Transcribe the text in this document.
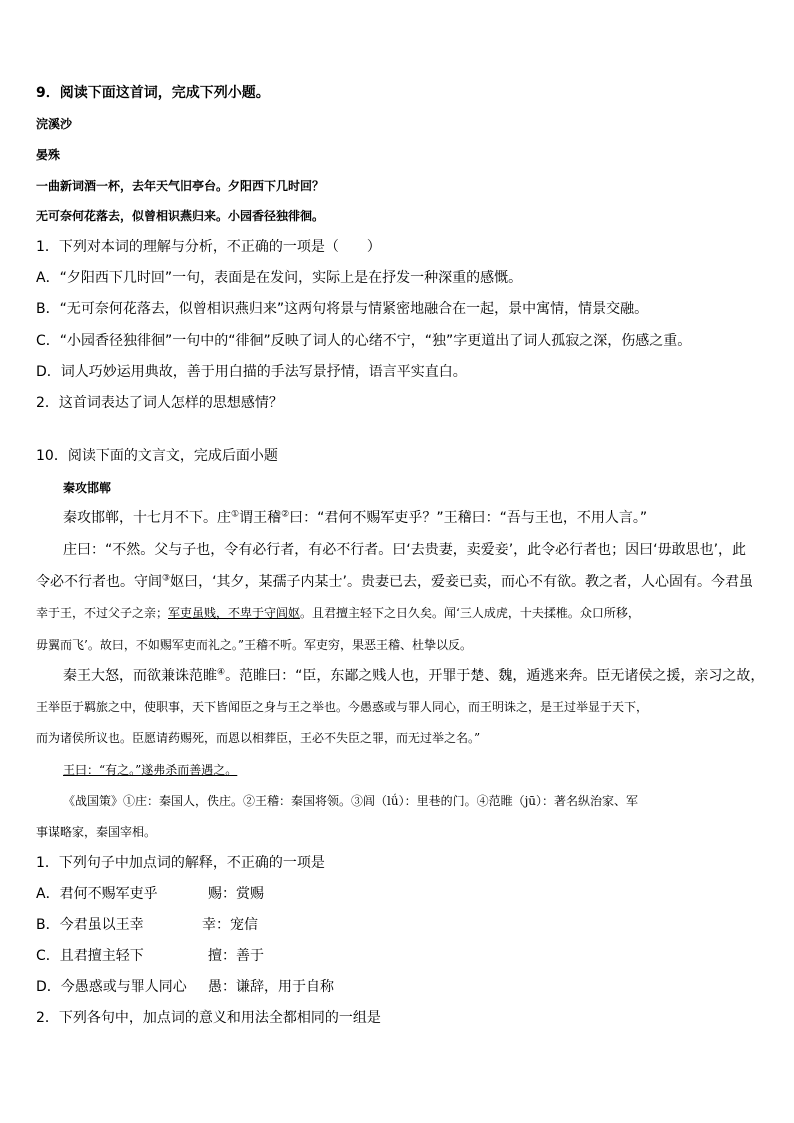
9．阅读下面这首词，完成下列小题。
浣溪沙
晏殊
一曲新词酒一杯，去年天气旧亭台。夕阳西下几时回？
无可奈何花落去，似曾相识燕归来。小园香径独徘徊。
1．下列对本词的理解与分析，不正确的一项是（　　）
A．“夕阳西下几时回”一句，表面是在发问，实际上是在抒发一种深重的感慨。
B．“无可奈何花落去，似曾相识燕归来”这两句将景与情紧密地融合在一起，景中寓情，情景交融。
C．“小园香径独徘徊”一句中的“徘徊”反映了词人的心绪不宁，“独”字更道出了词人孤寂之深，伤感之重。
D．词人巧妙运用典故，善于用白描的手法写景抒情，语言平实直白。
2．这首词表达了词人怎样的思想感情？
10．阅读下面的文言文，完成后面小题
秦攻邯郸
秦攻邯郸，十七月不下。庄①谓王稽②曰：“君何不赐军吏乎？”王稽曰：“吾与王也，不用人言。”
庄曰：“不然。父与子也，令有必行者，有必不行者。曰‘去贵妻，卖爱妾’，此令必行者也；因曰‘毋敢思也’，此
令必不行者也。守闾③妪曰，‘其夕，某孺子内某士’。贵妻已去，爱妾已卖，而心不有欲。教之者，人心固有。今君虽
幸于王，不过父子之亲；军吏虽贱，不卑于守闾妪。且君擅主轻下之日久矣。闻‘三人成虎，十夫揉椎。众口所移，
毋翼而飞’。故曰，不如赐军吏而礼之。”王稽不听。军吏穷，果恶王稽、杜挚以反。
秦王大怒，而欲兼诛范睢④。范睢曰：“臣，东鄙之贱人也，开罪于楚、魏，遁逃来奔。臣无诸侯之援，亲习之故，
王举臣于羁旅之中，使职事，天下皆闻臣之身与王之举也。今愚惑或与罪人同心，而王明诛之，是王过举显于天下，
而为诸侯所议也。臣愿请药赐死，而恩以相葬臣，王必不失臣之罪，而无过举之名。”
王曰：“有之。”遂弗杀而善遇之。
《战国策》①庄：秦国人，佚庄。②王稽：秦国将领。③闾（lǘ）：里巷的门。④范睢（jū）：著名纵治家、军
事谋略家，秦国宰相。
1．下列句子中加点词的解释，不正确的一项是
A．君何不赐军吏乎	赐：赏赐
B．今君虽以王幸	幸：宠信
C．且君擅主轻下	擅：善于
D．今愚惑或与罪人同心 愚：谦辞，用于自称
2．下列各句中，加点词的意义和用法全都相同的一组是
